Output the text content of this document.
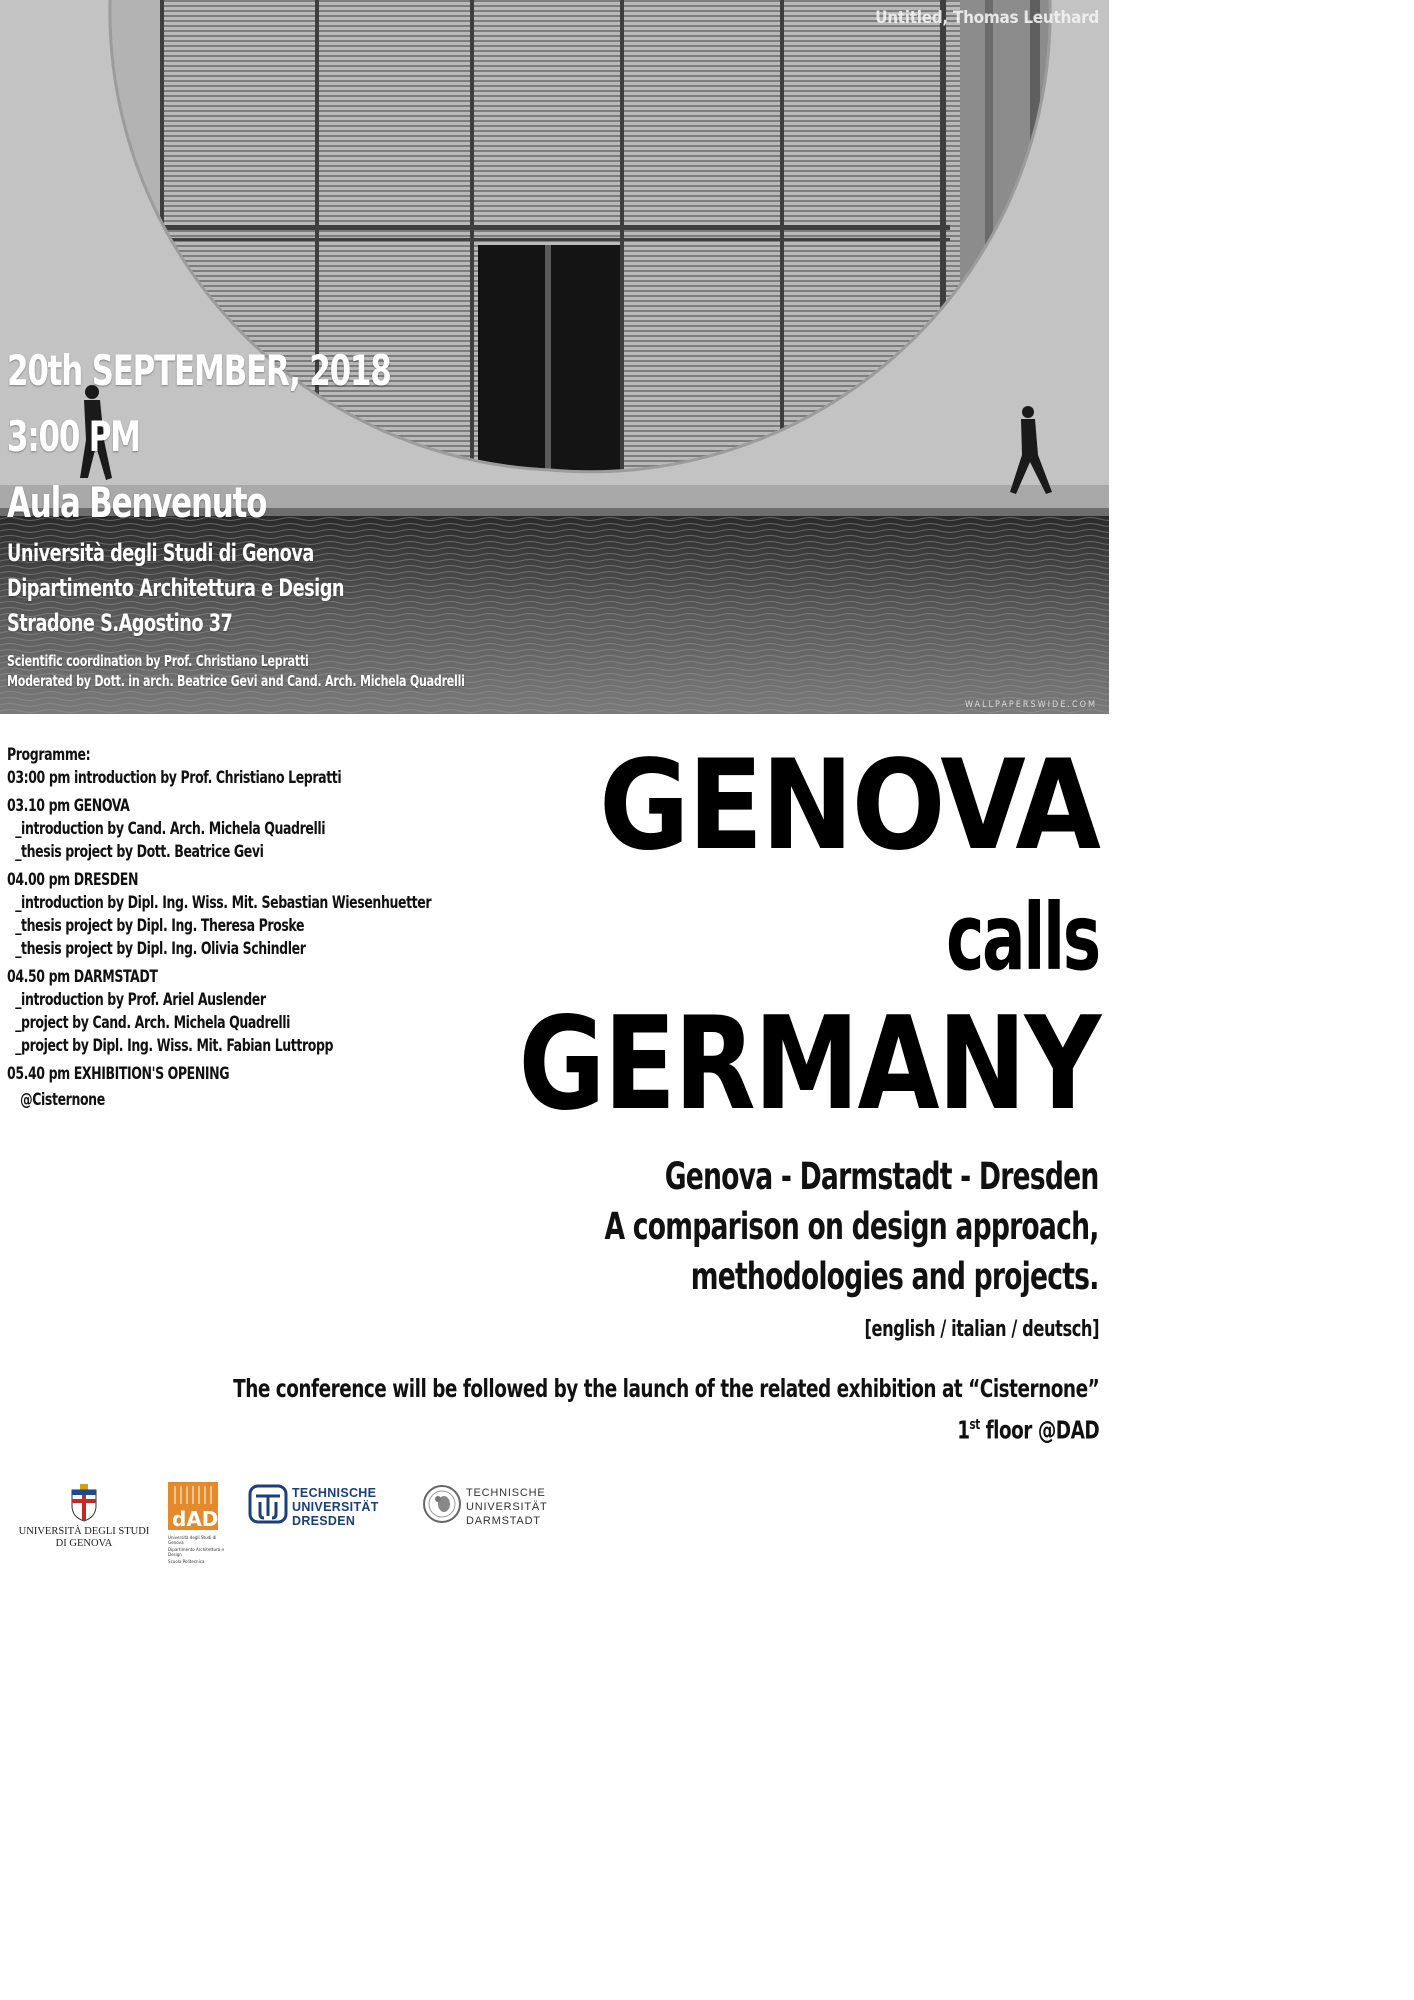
Untitled, Thomas Leuthard
WALLPAPERSWIDE.COM
20th SEPTEMBER, 2018
3:00 PM
Aula Benvenuto
Università degli Studi di Genova
Dipartimento Architettura e Design
Stradone S.Agostino 37
Scientific coordination by Prof. Christiano Lepratti
Moderated by Dott. in arch. Beatrice Gevi and Cand. Arch. Michela Quadrelli
Programme:
03:00 pm introduction by Prof. Christiano Lepratti
03.10 pm GENOVA
_introduction by Cand. Arch. Michela Quadrelli
_thesis project by Dott. Beatrice Gevi
04.00 pm DRESDEN
_introduction by Dipl. Ing. Wiss. Mit. Sebastian Wiesenhuetter
_thesis project by Dipl. Ing. Theresa Proske
_thesis project by Dipl. Ing. Olivia Schindler
04.50 pm DARMSTADT
_introduction by Prof. Ariel Auslender
_project by Cand. Arch. Michela Quadrelli
_project by Dipl. Ing. Wiss. Mit. Fabian Luttropp
05.40 pm EXHIBITION'S OPENING
@Cisternone
GENOVA
calls
GERMANY
Genova - Darmstadt - Dresden
A comparison on design approach,
methodologies and projects.
[english / italian / deutsch]
The conference will be followed by the launch of the related exhibition at “Cisternone”
1st floor @DAD
UNIVERSITÀ DEGLI STUDI
DI GENOVA
dAD
Università degli Studi di Genova
Dipartimento Architettura e Design
Scuola Politecnica
TECHNISCHE
UNIVERSITÄT
DRESDEN
TECHNISCHE
UNIVERSITÄT
DARMSTADT
